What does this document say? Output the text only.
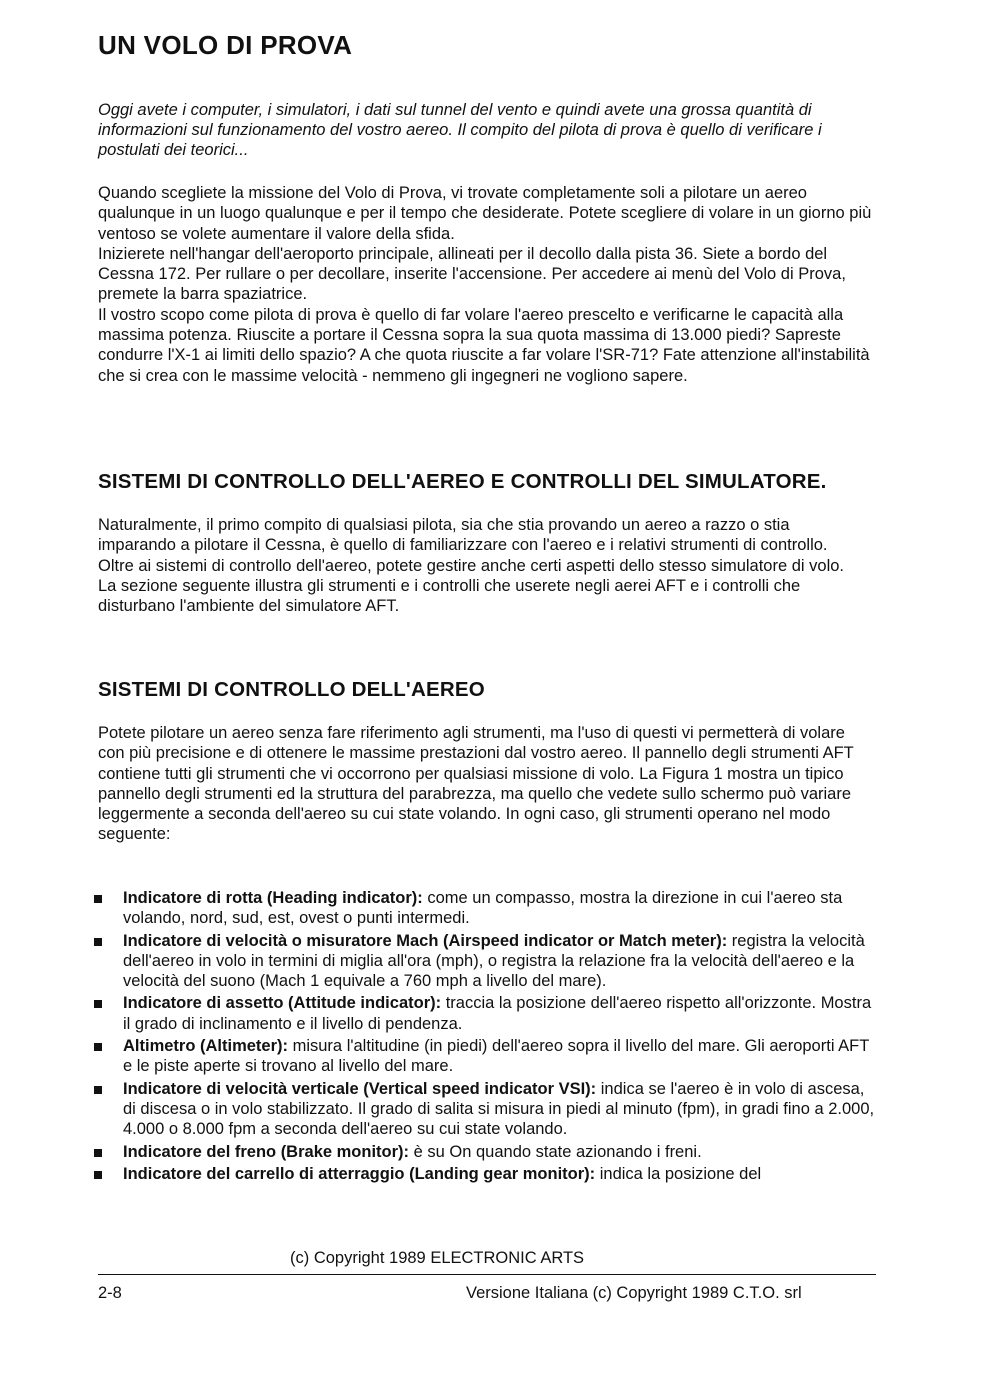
UN VOLO DI PROVA

Oggi avete i computer, i simulatori, i dati sul tunnel del vento e quindi avete una grossa quantità di informazioni sul funzionamento del vostro aereo. Il compito del pilota di prova è quello di verificare i postulati dei teorici...

Quando scegliete la missione del Volo di Prova, vi trovate completamente soli a pilotare un aereo qualunque in un luogo qualunque e per il tempo che desiderate. Potete scegliere di volare in un giorno più ventoso se volete aumentare il valore della sfida.

Inizierete nell'hangar dell'aeroporto principale, allineati per il decollo dalla pista 36. Siete a bordo del Cessna 172. Per rullare o per decollare, inserite l'accensione. Per accedere ai menù del Volo di Prova, premete la barra spaziatrice.

Il vostro scopo come pilota di prova è quello di far volare l'aereo prescelto e verificarne le capacità alla massima potenza. Riuscite a portare il Cessna sopra la sua quota massima di 13.000 piedi? Sapreste condurre l'X-1 ai limiti dello spazio? A che quota riuscite a far volare l'SR-71? Fate attenzione all'instabilità che si crea con le massime velocità - nemmeno gli ingegneri ne vogliono sapere.

SISTEMI DI CONTROLLO DELL'AEREO E CONTROLLI DEL SIMULATORE.

Naturalmente, il primo compito di qualsiasi pilota, sia che stia provando un aereo a razzo o stia imparando a pilotare il Cessna, è quello di familiarizzare con l'aereo e i relativi strumenti di controllo. Oltre ai sistemi di controllo dell'aereo, potete gestire anche certi aspetti dello stesso simulatore di volo. La sezione seguente illustra gli strumenti e i controlli che userete negli aerei AFT e i controlli che disturbano l'ambiente del simulatore AFT.

SISTEMI DI CONTROLLO DELL'AEREO

Potete pilotare un aereo senza fare riferimento agli strumenti, ma l'uso di questi vi permetterà di volare con più precisione e di ottenere le massime prestazioni dal vostro aereo. Il pannello degli strumenti AFT contiene tutti gli strumenti che vi occorrono per qualsiasi missione di volo. La Figura 1 mostra un tipico pannello degli strumenti ed la struttura del parabrezza, ma quello che vedete sullo schermo può variare leggermente a seconda dell'aereo su cui state volando. In ogni caso, gli strumenti operano nel modo seguente:

Indicatore di rotta (Heading indicator): come un compasso, mostra la direzione in cui l'aereo sta volando, nord, sud, est, ovest o punti intermedi.
Indicatore di velocità o misuratore Mach (Airspeed indicator or Match meter): registra la velocità dell'aereo in volo in termini di miglia all'ora (mph), o registra la relazione fra la velocità dell'aereo e la velocità del suono (Mach 1 equivale a 760 mph a livello del mare).
Indicatore di assetto (Attitude indicator): traccia la posizione dell'aereo rispetto all'orizzonte. Mostra il grado di inclinamento e il livello di pendenza.
Altimetro (Altimeter): misura l'altitudine (in piedi) dell'aereo sopra il livello del mare. Gli aeroporti AFT e le piste aperte si trovano al livello del mare.
Indicatore di velocità verticale (Vertical speed indicator VSI): indica se l'aereo è in volo di ascesa, di discesa o in volo stabilizzato. Il grado di salita si misura in piedi al minuto (fpm), in gradi fino a 2.000, 4.000 o 8.000 fpm a seconda dell'aereo su cui state volando.
Indicatore del freno (Brake monitor): è su On quando state azionando i freni.
Indicatore del carrello di atterraggio (Landing gear monitor): indica la posizione del

(c) Copyright 1989 ELECTRONIC ARTS

2-8	Versione Italiana (c) Copyright 1989 C.T.O. srl
